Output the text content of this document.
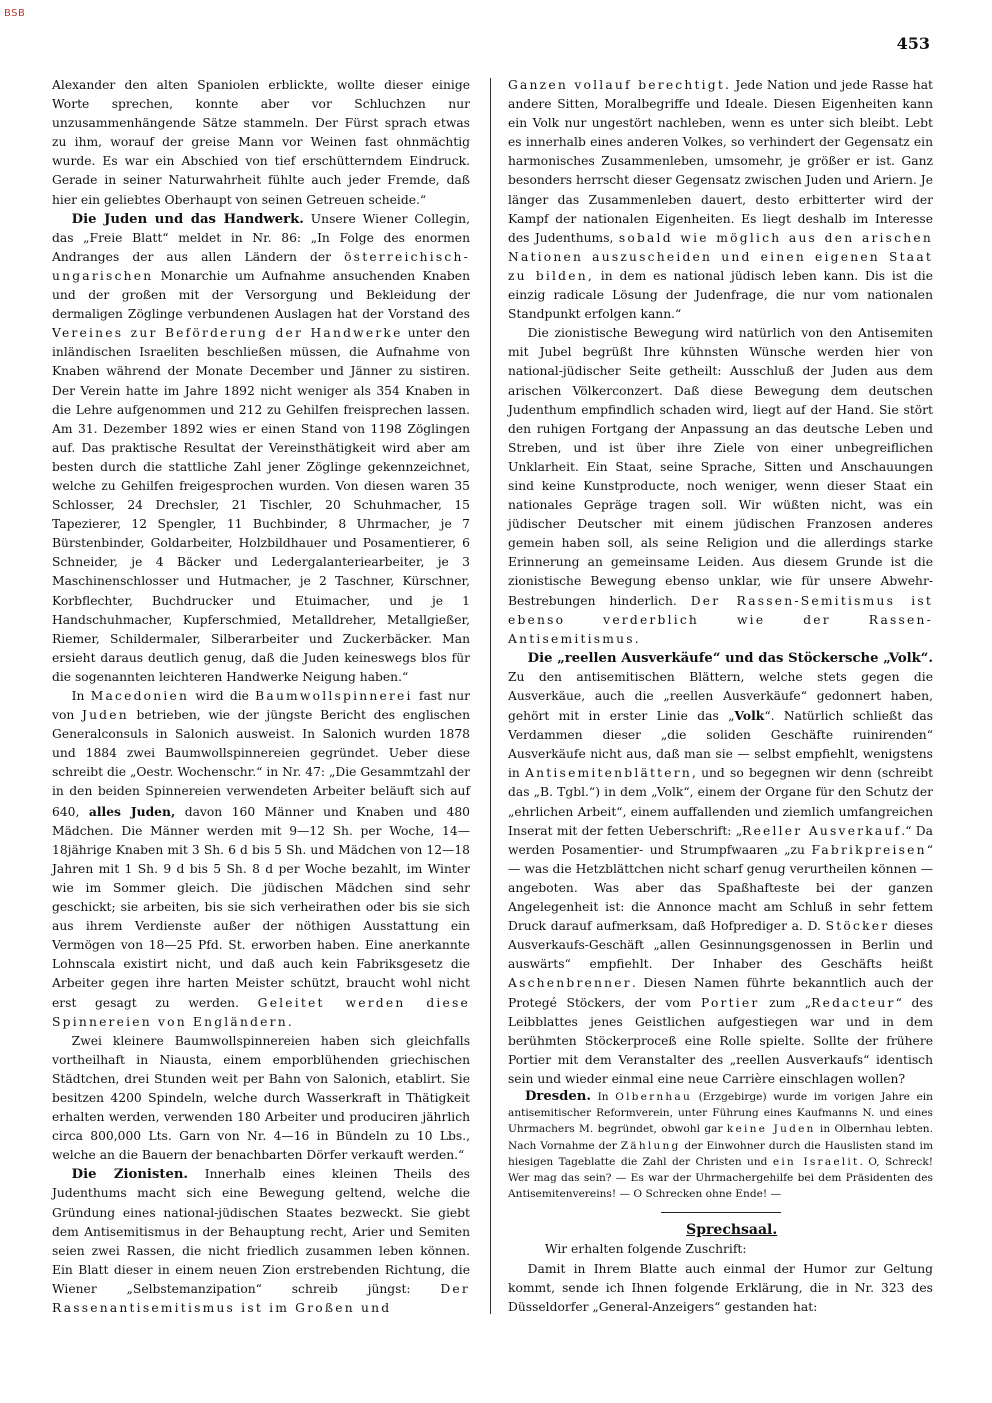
BSB
453

Alexander den alten Spaniolen erblickte, wollte dieser einige Worte sprechen, konnte aber vor Schluchzen nur unzusammenhängende Sätze stammeln. Der Fürst sprach etwas zu ihm, worauf der greise Mann vor Weinen fast ohnmächtig wurde. Es war ein Abschied von tief erschütterndem Eindruck. Gerade in seiner Naturwahrheit fühlte auch jeder Fremde, daß hier ein geliebtes Oberhaupt von seinen Getreuen scheide.“

Die Juden und das Handwerk. Unsere Wiener Collegin, das „Freie Blatt“ meldet in Nr. 86: „In Folge des enormen Andranges der aus allen Ländern der österreichisch-ungarischen Monarchie um Aufnahme ansuchenden Knaben und der großen mit der Versorgung und Bekleidung der dermaligen Zöglinge verbundenen Auslagen hat der Vorstand des Vereines zur Beförderung der Handwerke unter den inländischen Israeliten beschließen müssen, die Aufnahme von Knaben während der Monate December und Jänner zu sistiren. Der Verein hatte im Jahre 1892 nicht weniger als 354 Knaben in die Lehre aufgenommen und 212 zu Gehilfen freisprechen lassen. Am 31. Dezember 1892 wies er einen Stand von 1198 Zöglingen auf. Das praktische Resultat der Vereinsthätigkeit wird aber am besten durch die stattliche Zahl jener Zöglinge gekennzeichnet, welche zu Gehilfen freigesprochen wurden. Von diesen waren 35 Schlosser, 24 Drechsler, 21 Tischler, 20 Schuhmacher, 15 Tapezierer, 12 Spengler, 11 Buchbinder, 8 Uhrmacher, je 7 Bürstenbinder, Goldarbeiter, Holzbildhauer und Posamentierer, 6 Schneider, je 4 Bäcker und Ledergalanteriearbeiter, je 3 Maschinenschlosser und Hutmacher, je 2 Taschner, Kürschner, Korbflechter, Buchdrucker und Etuimacher, und je 1 Handschuhmacher, Kupferschmied, Metalldreher, Metallgießer, Riemer, Schildermaler, Silberarbeiter und Zuckerbäcker. Man ersieht daraus deutlich genug, daß die Juden keineswegs blos für die sogenannten leichteren Handwerke Neigung haben.“

In Macedonien wird die Baumwollspinnerei fast nur von Juden betrieben, wie der jüngste Bericht des englischen Generalconsuls in Salonich ausweist. In Salonich wurden 1878 und 1884 zwei Baumwollspinnereien gegründet. Ueber diese schreibt die „Oestr. Wochenschr.“ in Nr. 47: „Die Gesammtzahl der in den beiden Spinnereien verwendeten Arbeiter beläuft sich auf 640, alles Juden, davon 160 Männer und Knaben und 480 Mädchen. Die Männer werden mit 9—12 Sh. per Woche, 14—18jährige Knaben mit 3 Sh. 6 d bis 5 Sh. und Mädchen von 12—18 Jahren mit 1 Sh. 9 d bis 5 Sh. 8 d per Woche bezahlt, im Winter wie im Sommer gleich. Die jüdischen Mädchen sind sehr geschickt; sie arbeiten, bis sie sich verheirathen oder bis sie sich aus ihrem Verdienste außer der nöthigen Ausstattung ein Vermögen von 18—25 Pfd. St. erworben haben. Eine anerkannte Lohnscala existirt nicht, und daß auch kein Fabriksgesetz die Arbeiter gegen ihre harten Meister schützt, braucht wohl nicht erst gesagt zu werden. Geleitet werden diese Spinnereien von Engländern.

Zwei kleinere Baumwollspinnereien haben sich gleichfalls vortheilhaft in Niausta, einem emporblühenden griechischen Städtchen, drei Stunden weit per Bahn von Salonich, etablirt. Sie besitzen 4200 Spindeln, welche durch Wasserkraft in Thätigkeit erhalten werden, verwenden 180 Arbeiter und produciren jährlich circa 800,000 Lts. Garn von Nr. 4—16 in Bündeln zu 10 Lbs., welche an die Bauern der benachbarten Dörfer verkauft werden.“

Die Zionisten. Innerhalb eines kleinen Theils des Judenthums macht sich eine Bewegung geltend, welche die Gründung eines national-jüdischen Staates bezweckt. Sie giebt dem Antisemitismus in der Behauptung recht, Arier und Semiten seien zwei Rassen, die nicht friedlich zusammen leben können. Ein Blatt dieser in einem neuen Zion erstrebenden Richtung, die Wiener „Selbstemanzipation“ schreib jüngst: Der Rassenantisemitismus ist im Großen und

Ganzen vollauf berechtigt. Jede Nation und jede Rasse hat andere Sitten, Moralbegriffe und Ideale. Diesen Eigenheiten kann ein Volk nur ungestört nachleben, wenn es unter sich bleibt. Lebt es innerhalb eines anderen Volkes, so verhindert der Gegensatz ein harmonisches Zusammenleben, umsomehr, je größer er ist. Ganz besonders herrscht dieser Gegensatz zwischen Juden und Ariern. Je länger das Zusammenleben dauert, desto erbitterter wird der Kampf der nationalen Eigenheiten. Es liegt deshalb im Interesse des Judenthums, sobald wie möglich aus den arischen Nationen auszuscheiden und einen eigenen Staat zu bilden, in dem es national jüdisch leben kann. Dis ist die einzig radicale Lösung der Judenfrage, die nur vom nationalen Standpunkt erfolgen kann.“

Die zionistische Bewegung wird natürlich von den Antisemiten mit Jubel begrüßt Ihre kühnsten Wünsche werden hier von national-jüdischer Seite getheilt: Ausschluß der Juden aus dem arischen Völkerconzert. Daß diese Bewegung dem deutschen Judenthum empfindlich schaden wird, liegt auf der Hand. Sie stört den ruhigen Fortgang der Anpassung an das deutsche Leben und Streben, und ist über ihre Ziele von einer unbegreiflichen Unklarheit. Ein Staat, seine Sprache, Sitten und Anschauungen sind keine Kunstproducte, noch weniger, wenn dieser Staat ein nationales Gepräge tragen soll. Wir wüßten nicht, was ein jüdischer Deutscher mit einem jüdischen Franzosen anderes gemein haben soll, als seine Religion und die allerdings starke Erinnerung an gemeinsame Leiden. Aus diesem Grunde ist die zionistische Bewegung ebenso unklar, wie für unsere Abwehr-Bestrebungen hinderlich. Der Rassen-Semitismus ist ebenso verderblich wie der Rassen-Antisemitismus.

Die „reellen Ausverkäufe“ und das Stöckersche „Volk“. Zu den antisemitischen Blättern, welche stets gegen die Ausverkäue, auch die „reellen Ausverkäufe“ gedonnert haben, gehört mit in erster Linie das „Volk“. Natürlich schließt das Verdammen dieser „die soliden Geschäfte ruinirenden“ Ausverkäufe nicht aus, daß man sie — selbst empfiehlt, wenigstens in Antisemitenblättern, und so begegnen wir denn (schreibt das „B. Tgbl.“) in dem „Volk“, einem der Organe für den Schutz der „ehrlichen Arbeit“, einem auffallenden und ziemlich umfangreichen Inserat mit der fetten Ueberschrift: „Reeller Ausverkauf.“ Da werden Posamentier- und Strumpfwaaren „zu Fabrikpreisen“ — was die Hetzblättchen nicht scharf genug verurtheilen können — angeboten. Was aber das Spaßhafteste bei der ganzen Angelegenheit ist: die Annonce macht am Schluß in sehr fettem Druck darauf aufmerksam, daß Hofprediger a. D. Stöcker dieses Ausverkaufs-Geschäft „allen Gesinnungsgenossen in Berlin und auswärts“ empfiehlt. Der Inhaber des Geschäfts heißt Aschenbrenner. Diesen Namen führte bekanntlich auch der Protegé Stöckers, der vom Portier zum „Redacteur“ des Leibblattes jenes Geistlichen aufgestiegen war und in dem berühmten Stöckerproceß eine Rolle spielte. Sollte der frühere Portier mit dem Veranstalter des „reellen Ausverkaufs“ identisch sein und wieder einmal eine neue Carrière einschlagen wollen?

Dresden. In Olbernhau (Erzgebirge) wurde im vorigen Jahre ein antisemitischer Reformverein, unter Führung eines Kaufmanns N. und eines Uhrmachers M. begründet, obwohl gar keine Juden in Olbernhau lebten. Nach Vornahme der Zählung der Einwohner durch die Hauslisten stand im hiesigen Tageblatte die Zahl der Christen und ein Israelit. O, Schreck! Wer mag das sein? — Es war der Uhrmachergehilfe bei dem Präsidenten des Antisemitenvereins! — O Schrecken ohne Ende! —

Sprechsaal.

Wir erhalten folgende Zuschrift:

Damit in Ihrem Blatte auch einmal der Humor zur Geltung kommt, sende ich Ihnen folgende Erklärung, die in Nr. 323 des Düsseldorfer „General-Anzeigers“ gestanden hat:
